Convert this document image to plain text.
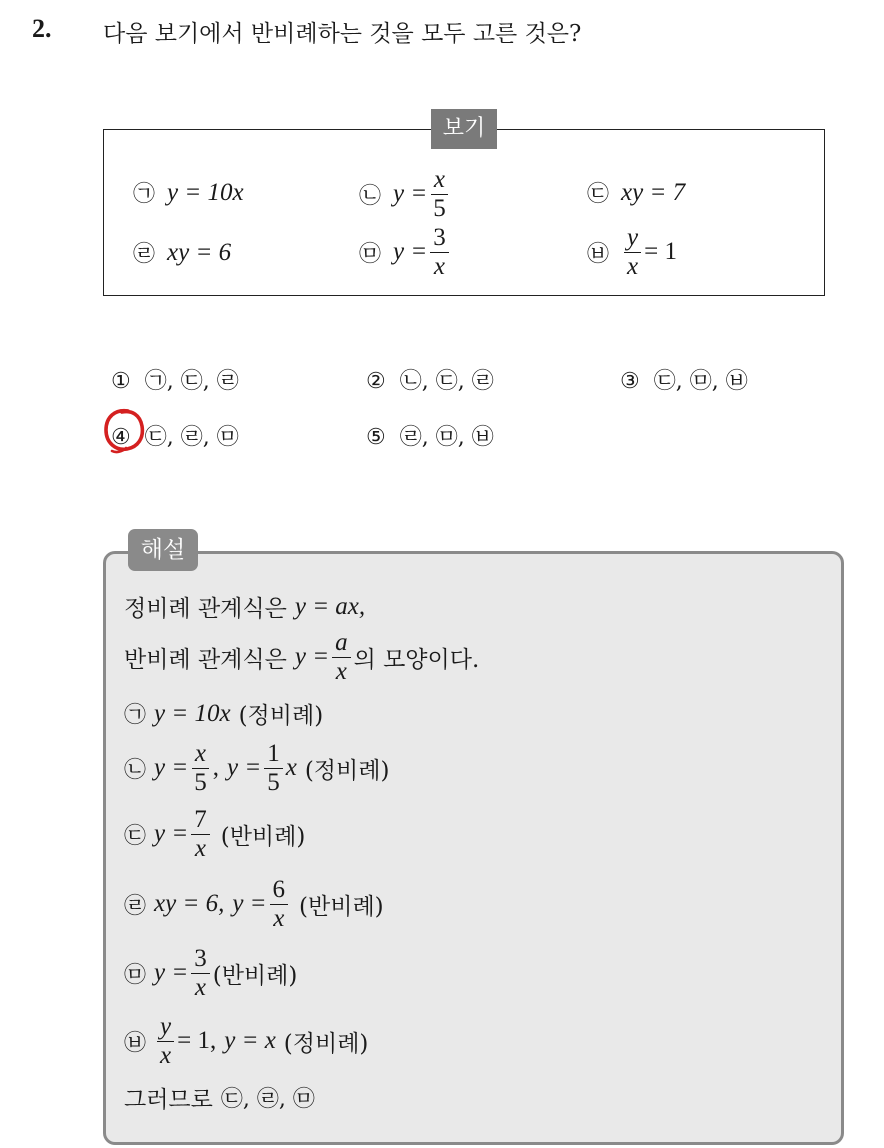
2. 다음 보기에서 반비례하는 것을 모두 고른 것은?
보기
㉠ y = 10x	㉡ $y = \frac{x}{5}$	㉢ xy = 7
㉣ xy = 6	㉤ $y = \frac{3}{x}$	㉥ $\frac{y}{x} = 1$
① ㉠, ㉢, ㉣	② ㉡, ㉢, ㉣	③ ㉢, ㉤, ㉥
④ ㉢, ㉣, ㉤	⑤ ㉣, ㉤, ㉥
해설
정비례 관계식은 y = ax,
반비례 관계식은 $y = \frac{a}{x}$ 의 모양이다.
㉠ y = 10x (정비례)
㉡ $y = \frac{x}{5}$ , $y = \frac{1}{5}$ x (정비례)
㉢ $y = \frac{7}{x}$ (반비례)
㉣ xy = 6, $y = \frac{6}{x}$ (반비례)
㉤ $y = \frac{3}{x}$ (반비례)
㉥ $\frac{y}{x} = 1$, y = x (정비례)
그러므로 ㉢, ㉣, ㉤
